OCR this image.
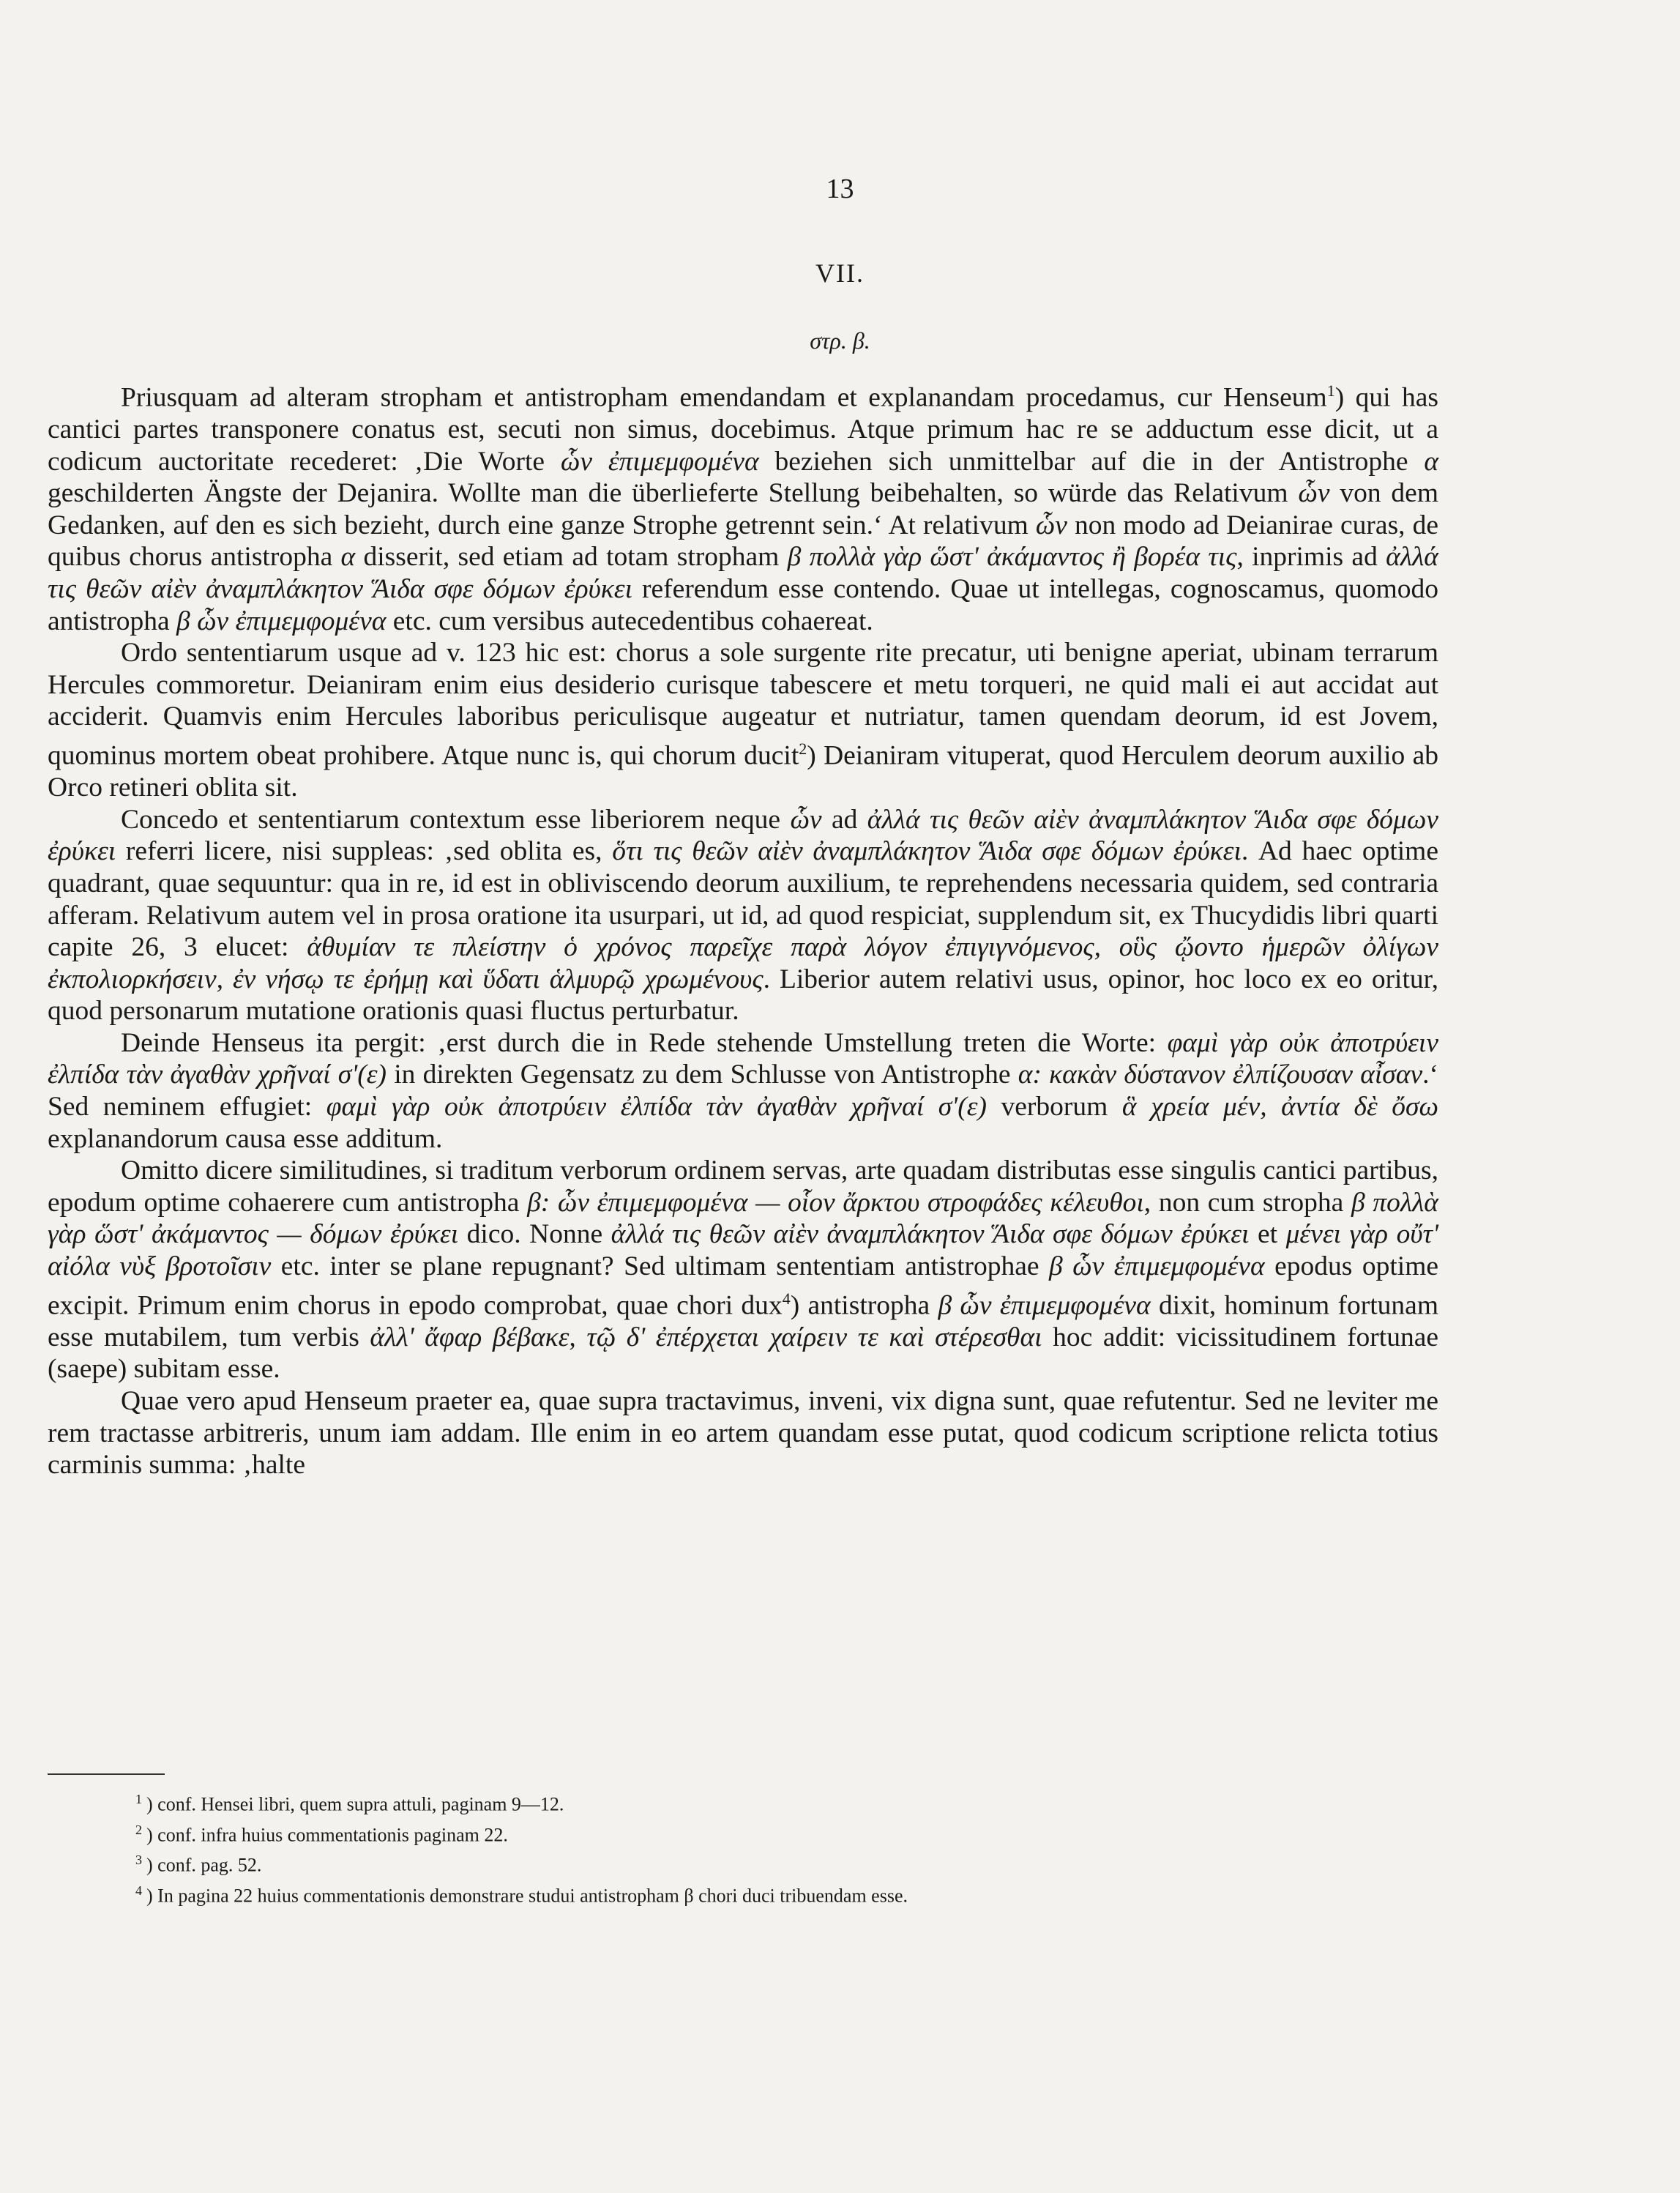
13
VII.
στρ. β.

Priusquam ad alteram stropham et antistropham emendandam et explanandam procedamus, cur Henseum$^1$) qui has cantici partes transponere conatus est, secuti non simus, docebimus. Atque primum hac re se adductum esse dicit, ut a codicum auctoritate recederet: ‚Die Worte ὧν ἐπιμεμφομένα beziehen sich unmittelbar auf die in der Antistrophe α geschilderten Ängste der Dejanira. Wollte man die überlieferte Stellung beibehalten, so würde das Relativum ὧν von dem Gedanken, auf den es sich bezieht, durch eine ganze Strophe getrennt sein.‘ At relativum ὧν non modo ad Deianirae curas, de quibus chorus antistropha α disserit, sed etiam ad totam stropham β πολλὰ γὰρ ὥστ' ἀκάμαντος ἢ βορέα τις, inprimis ad ἀλλά τις θεῶν αἰὲν ἀναμπλάκητον Ἅιδα σφε δόμων ἐρύκει referendum esse contendo. Quae ut intellegas, cognoscamus, quomodo antistropha β ὧν ἐπιμεμφομένα etc. cum versibus autecedentibus cohaereat.

Ordo sententiarum usque ad v. 123 hic est: chorus a sole surgente rite precatur, uti benigne aperiat, ubinam terrarum Hercules commoretur. Deianiram enim eius desiderio curisque tabescere et metu torqueri, ne quid mali ei aut accidat aut acciderit. Quamvis enim Hercules laboribus periculisque augeatur et nutriatur, tamen quendam deorum, id est Jovem, quominus mortem obeat prohibere. Atque nunc is, qui chorum ducit$^2$) Deianiram vituperat, quod Herculem deorum auxilio ab Orco retineri oblita sit.

Concedo et sententiarum contextum esse liberiorem neque ὧν ad ἀλλά τις θεῶν αἰὲν ἀναμπλάκητον Ἅιδα σφε δόμων ἐρύκει referri licere, nisi suppleas: ‚sed oblita es, ὅτι τις θεῶν αἰὲν ἀναμπλάκητον Ἅιδα σφε δόμων ἐρύκει. Ad haec optime quadrant, quae sequuntur: qua in re, id est in obliviscendo deorum auxilium, te reprehendens necessaria quidem, sed contraria afferam. Relativum autem vel in prosa oratione ita usurpari, ut id, ad quod respiciat, supplendum sit, ex Thucydidis libri quarti capite 26, 3 elucet: ἀθυμίαν τε πλείστην ὁ χρόνος παρεῖχε παρὰ λόγον ἐπιγιγνόμενος, οὓς ᾤοντο ἡμερῶν ὀλίγων ἐκπολιορκήσειν, ἐν νήσῳ τε ἐρήμῃ καὶ ὕδατι ἁλμυρῷ χρωμένους. Liberior autem relativi usus, opinor, hoc loco ex eo oritur, quod personarum mutatione orationis quasi fluctus perturbatur.

Deinde Henseus ita pergit: ‚erst durch die in Rede stehende Umstellung treten die Worte: φαμὶ γὰρ οὐκ ἀποτρύειν ἐλπίδα τὰν ἀγαθὰν χρῆναί σ'(ε) in direkten Gegensatz zu dem Schlusse von Antistrophe α: κακὰν δύστανον ἐλπίζουσαν αἶσαν.‘ Sed neminem effugiet: φαμὶ γὰρ οὐκ ἀποτρύειν ἐλπίδα τὰν ἀγαθὰν χρῆναί σ'(ε) verborum ἃ χρεία μέν, ἀντία δὲ ὄσω explanandorum causa esse additum.

Omitto dicere similitudines, si traditum verborum ordinem servas, arte quadam distributas esse singulis cantici partibus, epodum optime cohaerere cum antistropha β: ὧν ἐπιμεμφομένα — οἷον ἄρκτου στροφάδες κέλευθοι, non cum stropha β πολλὰ γὰρ ὥστ' ἀκάμαντος — δόμων ἐρύκει dico. Nonne ἀλλά τις θεῶν αἰὲν ἀναμπλάκητον Ἅιδα σφε δόμων ἐρύκει et μένει γὰρ οὔτ' αἰόλα νὺξ βροτοῖσιν etc. inter se plane repugnant? Sed ultimam sententiam antistrophae β ὧν ἐπιμεμφομένα epodus optime excipit. Primum enim chorus in epodo comprobat, quae chori dux$^4$) antistropha β ὧν ἐπιμεμφομένα dixit, hominum fortunam esse mutabilem, tum verbis ἀλλ' ἄφαρ βέβακε, τῷ δ' ἐπέρχεται χαίρειν τε καὶ στέρεσθαι hoc addit: vicissitudinem fortunae (saepe) subitam esse.

Quae vero apud Henseum praeter ea, quae supra tractavimus, inveni, vix digna sunt, quae refutentur. Sed ne leviter me rem tractasse arbitreris, unum iam addam. Ille enim in eo artem quandam esse putat, quod codicum scriptione relicta totius carminis summa: ‚halte

$^1$ ) conf. Hensei libri, quem supra attuli, paginam 9—12.
$^2$ ) conf. infra huius commentationis paginam 22.
$^3$ ) conf. pag. 52.
$^4$ ) In pagina 22 huius commentationis demonstrare studui antistropham β chori duci tribuendam esse.
